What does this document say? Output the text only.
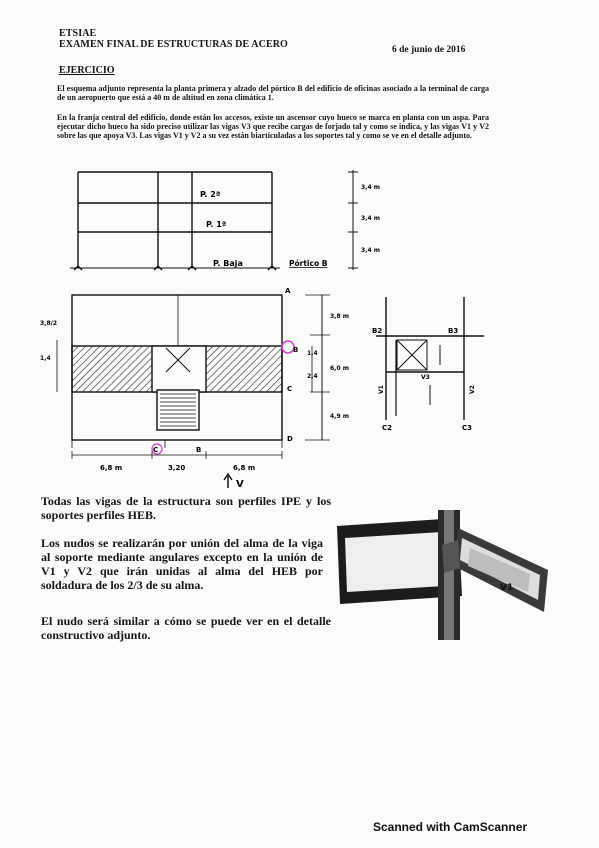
ETSIAE
EXAMEN FINAL DE ESTRUCTURAS DE ACERO	6 de junio de 2016
EJERCICIO
El esquema adjunto representa la planta primera y alzado del pórtico B del edificio de oficinas asociado a la terminal de carga de un aeropuerto que está a 40 m de altitud en zona climática 1.
En la franja central del edificio, donde están los accesos, existe un ascensor cuyo hueco se marca en planta con un aspa. Para ejecutar dicho hueco ha sido preciso utilizar las vigas V3 que recibe cargas de forjado tal y como se indica, y las vigas V1 y V2 sobre las que apoya V3. Las vigas V1 y V2 a su vez están biarticuladas a los soportes tal y como se ve en el detalle adjunto.
P. 2ª
P. 1ª
P. Baja	Pórtico B
3,4 m
3,4 m
3,4 m
B
A
C
D
C	B
3,8 m
1,4
2,4
6,0 m
4,9 m
3,8/2
1,4
6,8 m	3,20	6,8 m
V
B2	B3
C2	C3
V3
V1	V2
V1
Todas las vigas de la estructura son perfiles IPE y los soportes perfiles HEB.
Los nudos se realizarán por unión del alma de la viga al soporte mediante angulares excepto en la unión de V1 y V2 que irán unidas al alma del HEB por soldadura de los 2/3 de su alma.
El nudo será similar a cómo se puede ver en el detalle constructivo adjunto.
Scanned with CamScanner
